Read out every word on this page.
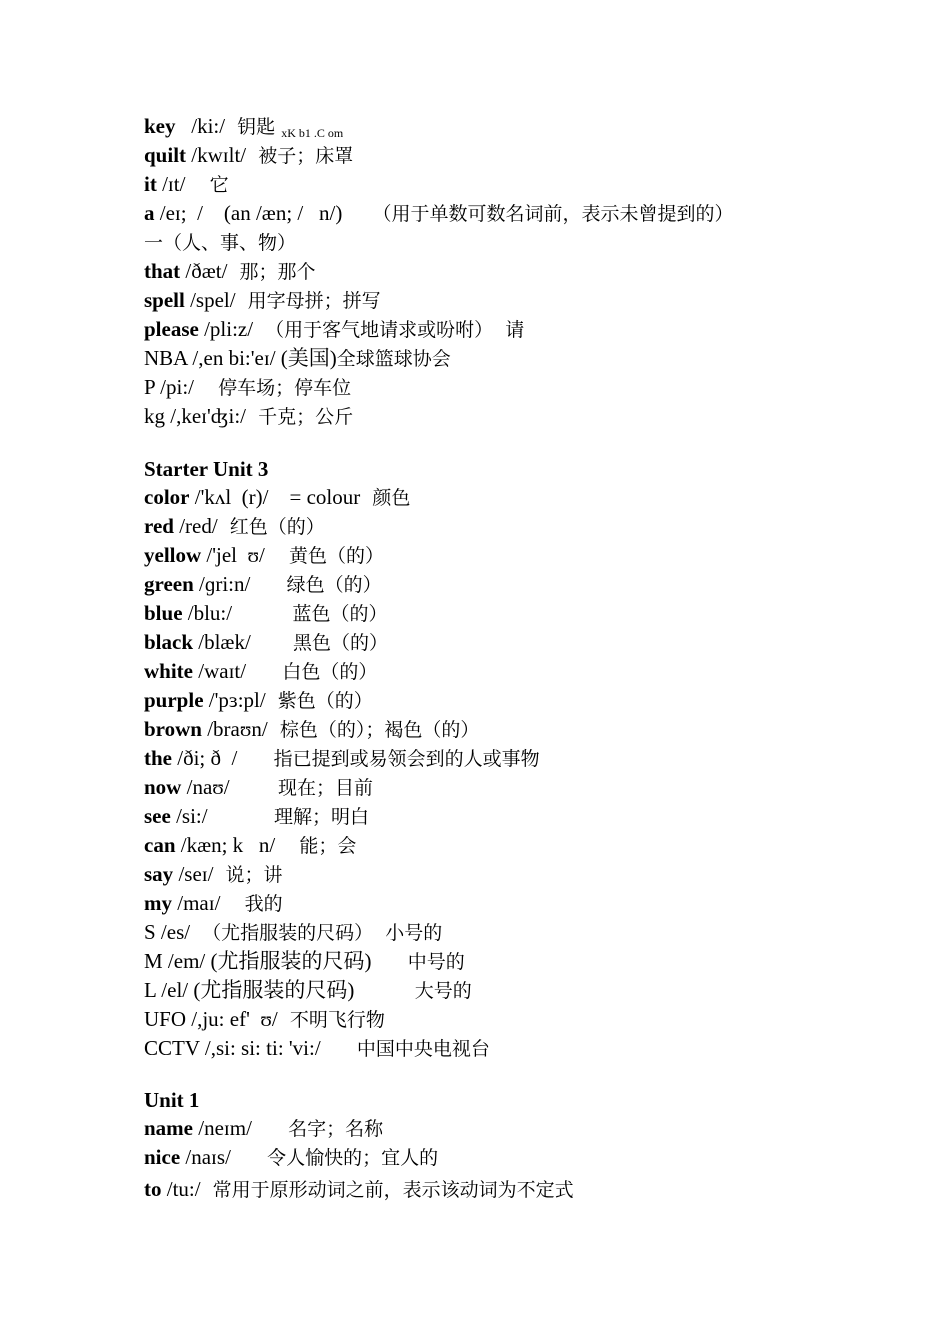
key   /ki:/  钥匙 xK b1 .C om
quilt /kwɪlt/  被子；床罩
it /ɪt/    它
a /eɪ;  /    (an /æn; /   n/)     （用于单数可数名词前，表示未曾提到的）
一（人、事、物）
that /ðæt/  那；那个
spell /spel/  用字母拼；拼写
please /pli:z/  （用于客气地请求或吩咐）  请
NBA /,en bi:'eɪ/ (美国)全球篮球协会
P /pi:/    停车场；停车位
kg /,keɪ'ʤi:/  千克；公斤
Starter Unit 3
color /'kʌl  (r)/    = colour  颜色
red /red/  红色（的）
yellow /'jel  ʊ/    黄色（的）
green /ɡri:n/      绿色（的）
blue /blu:/          蓝色（的）
black /blæk/       黑色（的）
white /waɪt/      白色（的）
purple /'pɜ:pl/  紫色（的）
brown /braʊn/  棕色（的）；褐色（的）
the /ði; ð  /      指已提到或易领会到的人或事物
now /naʊ/        现在；目前
see /si:/           理解；明白
can /kæn; k   n/    能；会
say /seɪ/  说；讲
my /maɪ/    我的
S /es/  （尤指服装的尺码）  小号的
M /em/ (尤指服装的尺码)      中号的
L /el/ (尤指服装的尺码)          大号的
UFO /,ju: ef'  ʊ/  不明飞行物
CCTV /,si: si: ti: 'vi:/      中国中央电视台
Unit 1
name /neɪm/      名字；名称
nice /naɪs/      令人愉快的；宜人的
to /tu:/  常用于原形动词之前，表示该动词为不定式
